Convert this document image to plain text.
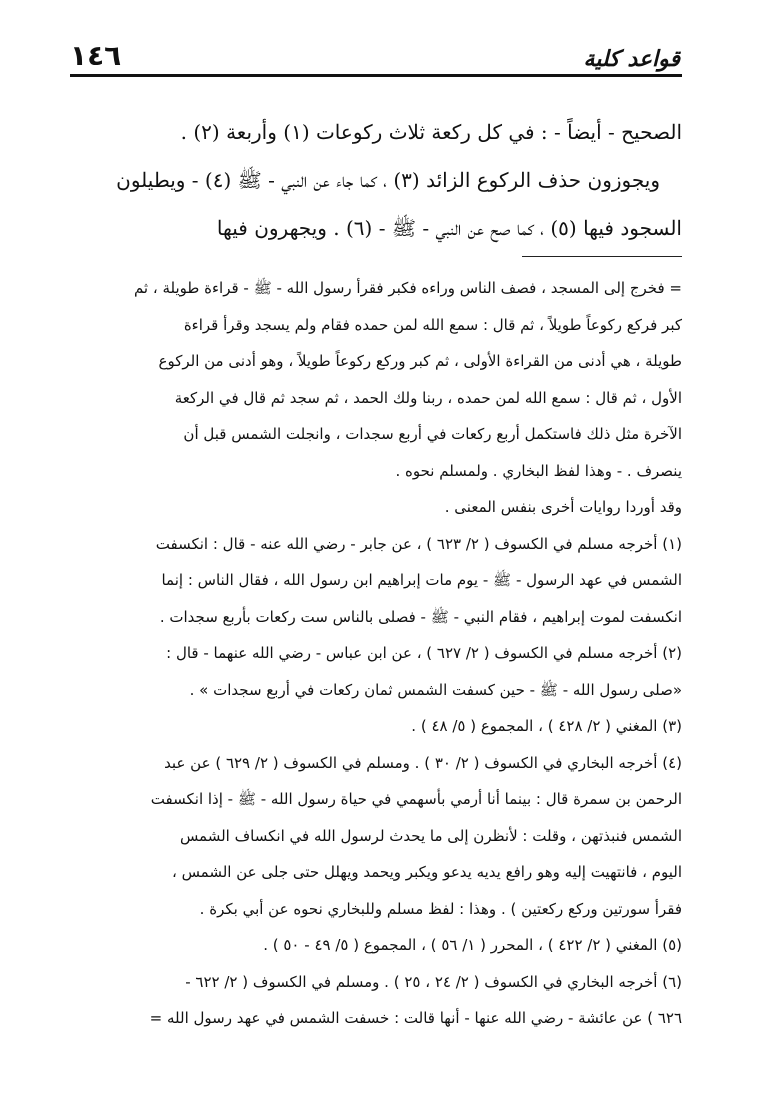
١٤٦	قواعد كلية

الصحيح - أيضاً - : في كل ركعة ثلاث ركوعات (١) وأربعة (٢) .

ويجوزون حذف الركوع الزائد (٣) ، كما جاء عن النبي - ﷺ (٤) - ويطيلون

السجود فيها (٥) ، كما صح عن النبي - ﷺ - (٦) . ويجهرون فيها

= فخرج إلى المسجد ، فصف الناس وراءه فكبر فقرأ رسول الله - ﷺ - قراءة طويلة ، ثم

كبر فركع ركوعاً طويلاً ، ثم قال : سمع الله لمن حمده فقام ولم يسجد وقرأ قراءة

طويلة ، هي أدنى من القراءة الأولى ، ثم كبر وركع ركوعاً طويلاً ، وهو أدنى من الركوع

الأول ، ثم قال : سمع الله لمن حمده ، ربنا ولك الحمد ، ثم سجد ثم قال في الركعة

الآخرة مثل ذلك فاستكمل أربع ركعات في أربع سجدات ، وانجلت الشمس قبل أن

ينصرف . - وهذا لفظ البخاري . ولمسلم نحوه .

وقد أوردا روايات أخرى بنفس المعنى .

(١) أخرجه مسلم في الكسوف ( ٢/ ٦٢٣ ) ، عن جابر - رضي الله عنه - قال : انكسفت

الشمس في عهد الرسول - ﷺ - يوم مات إبراهيم ابن رسول الله ، فقال الناس : إنما

انكسفت لموت إبراهيم ، فقام النبي - ﷺ - فصلى بالناس ست ركعات بأربع سجدات .

(٢) أخرجه مسلم في الكسوف ( ٢/ ٦٢٧ ) ، عن ابن عباس - رضي الله عنهما - قال :

«صلى رسول الله - ﷺ - حين كسفت الشمس ثمان ركعات في أربع سجدات » .

(٣) المغني ( ٢/ ٤٢٨ ) ، المجموع ( ٥/ ٤٨ ) .

(٤) أخرجه البخاري في الكسوف ( ٢/ ٣٠ ) . ومسلم في الكسوف ( ٢/ ٦٢٩ ) عن عبد

الرحمن بن سمرة قال : بينما أنا أرمي بأسهمي في حياة رسول الله - ﷺ - إذا انكسفت

الشمس فنبذتهن ، وقلت : لأنظرن إلى ما يحدث لرسول الله في انكساف الشمس

اليوم ، فانتهيت إليه وهو رافع يديه يدعو ويكبر ويحمد ويهلل حتى جلى عن الشمس ،

فقرأ سورتين وركع ركعتين ) . وهذا : لفظ مسلم وللبخاري نحوه عن أبي بكرة .

(٥) المغني ( ٢/ ٤٢٢ ) ، المحرر ( ١/ ٥٦ ) ، المجموع ( ٥/ ٤٩ - ٥٠ ) .

(٦) أخرجه البخاري في الكسوف ( ٢/ ٢٤ ، ٢٥ ) . ومسلم في الكسوف ( ٢/ ٦٢٢ -

٦٢٦ ) عن عائشة - رضي الله عنها - أنها قالت : خسفت الشمس في عهد رسول الله =
